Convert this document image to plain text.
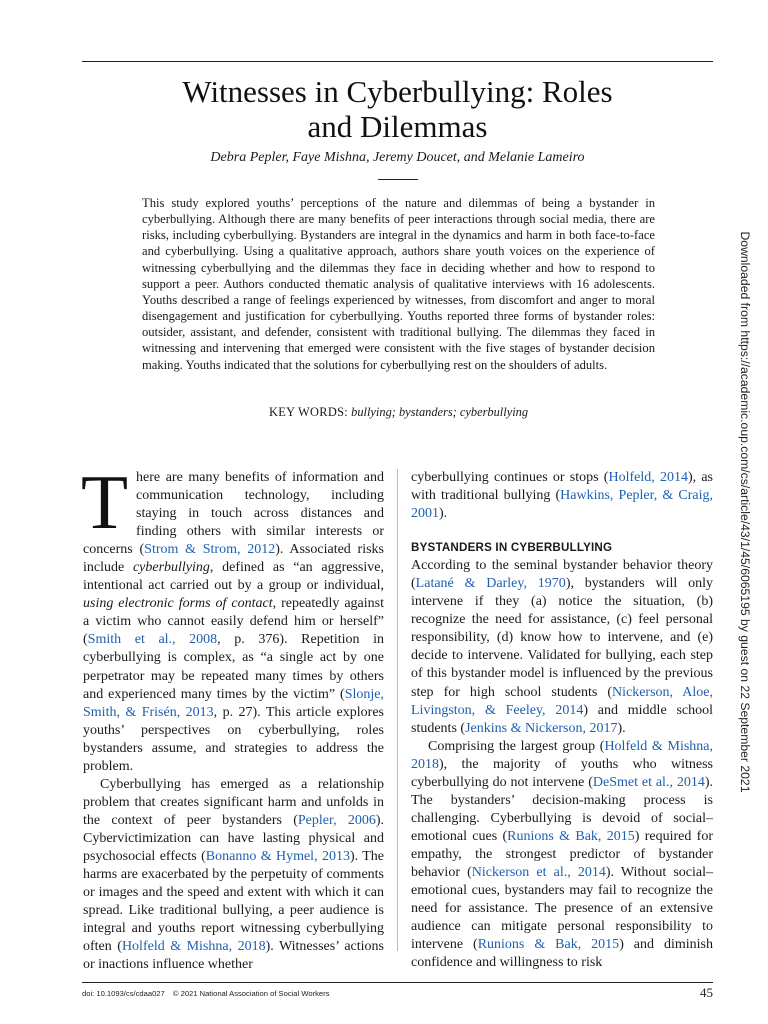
Witnesses in Cyberbullying: Roles
and Dilemmas
Debra Pepler, Faye Mishna, Jeremy Doucet, and Melanie Lameiro

This study explored youths’ perceptions of the nature and dilemmas of being a bystander in cyberbullying. Although there are many benefits of peer interactions through social media, there are risks, including cyberbullying. Bystanders are integral in the dynamics and harm in both face-to-face and cyberbullying. Using a qualitative approach, authors share youth voices on the experience of witnessing cyberbullying and the dilemmas they face in deciding whether and how to respond to support a peer. Authors conducted thematic analysis of qualitative interviews with 16 adolescents. Youths described a range of feelings experienced by witnesses, from discomfort and anger to moral disengagement and justification for cyberbullying. Youths reported three forms of bystander roles: outsider, assistant, and defender, consistent with traditional bullying. The dilemmas they faced in witnessing and intervening that emerged were consistent with the five stages of bystander decision making. Youths indicated that the solutions for cyberbullying rest on the shoulders of adults.

KEY WORDS: bullying; bystanders; cyberbullying

There are many benefits of information and communication technology, including staying in touch across distances and finding others with similar interests or concerns (Strom & Strom, 2012). Associated risks include cyberbullying, defined as “an aggressive, intentional act carried out by a group or individual, using electronic forms of contact, repeatedly against a victim who cannot easily defend him or herself” (Smith et al., 2008, p. 376). Repetition in cyberbullying is complex, as “a single act by one perpetrator may be repeated many times by others and experienced many times by the victim” (Slonje, Smith, & Frisén, 2013, p. 27). This article explores youths’ perspectives on cyberbullying, roles bystanders assume, and strategies to address the problem.

Cyberbullying has emerged as a relationship problem that creates significant harm and unfolds in the context of peer bystanders (Pepler, 2006). Cybervictimization can have lasting physical and psychosocial effects (Bonanno & Hymel, 2013). The harms are exacerbated by the perpetuity of comments or images and the speed and extent with which it can spread. Like traditional bullying, a peer audience is integral and youths report witnessing cyberbullying often (Holfeld & Mishna, 2018). Witnesses’ actions or inactions influence whether

cyberbullying continues or stops (Holfeld, 2014), as with traditional bullying (Hawkins, Pepler, & Craig, 2001).

BYSTANDERS IN CYBERBULLYING

According to the seminal bystander behavior theory (Latané & Darley, 1970), bystanders will only intervene if they (a) notice the situation, (b) recognize the need for assistance, (c) feel personal responsibility, (d) know how to intervene, and (e) decide to intervene. Validated for bullying, each step of this bystander model is influenced by the previous step for high school students (Nickerson, Aloe, Livingston, & Feeley, 2014) and middle school students (Jenkins & Nickerson, 2017).

Comprising the largest group (Holfeld & Mishna, 2018), the majority of youths who witness cyberbullying do not intervene (DeSmet et al., 2014). The bystanders’ decision-making process is challenging. Cyberbullying is devoid of social–emotional cues (Runions & Bak, 2015) required for empathy, the strongest predictor of bystander behavior (Nickerson et al., 2014). Without social–emotional cues, bystanders may fail to recognize the need for assistance. The presence of an extensive audience can mitigate personal responsibility to intervene (Runions & Bak, 2015) and diminish confidence and willingness to risk

Downloaded from https://academic.oup.com/cs/article/43/1/45/6065195 by guest on 22 September 2021
doi: 10.1093/cs/cdaa027 © 2021 National Association of Social Workers	45
